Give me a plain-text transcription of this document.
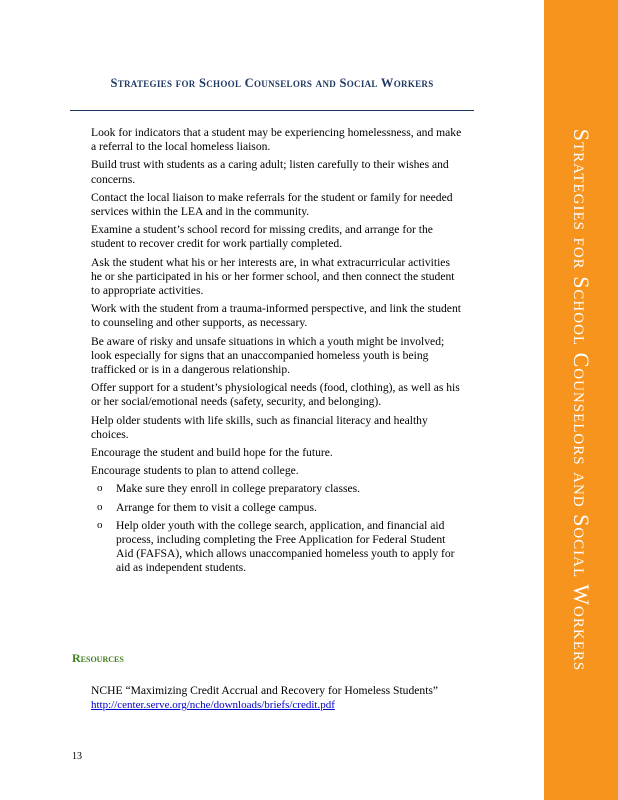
Strategies for School Counselors and Social Workers
Look for indicators that a student may be experiencing homelessness, and make a referral to the local homeless liaison.
Build trust with students as a caring adult; listen carefully to their wishes and concerns.
Contact the local liaison to make referrals for the student or family for needed services within the LEA and in the community.
Examine a student’s school record for missing credits, and arrange for the student to recover credit for work partially completed.
Ask the student what his or her interests are, in what extracurricular activities he or she participated in his or her former school, and then connect the student to appropriate activities.
Work with the student from a trauma-informed perspective, and link the student to counseling and other supports, as necessary.
Be aware of risky and unsafe situations in which a youth might be involved; look especially for signs that an unaccompanied homeless youth is being trafficked or is in a dangerous relationship.
Offer support for a student’s physiological needs (food, clothing), as well as his or her social/emotional needs (safety, security, and belonging).
Help older students with life skills, such as financial literacy and healthy choices.
Encourage the student and build hope for the future.
Encourage students to plan to attend college.
o Make sure they enroll in college preparatory classes.
o Arrange for them to visit a college campus.
o Help older youth with the college search, application, and financial aid process, including completing the Free Application for Federal Student Aid (FAFSA), which allows unaccompanied homeless youth to apply for aid as independent students.
Resources
NCHE “Maximizing Credit Accrual and Recovery for Homeless Students”
http://center.serve.org/nche/downloads/briefs/credit.pdf
13
Strategies for School Counselors and Social Workers
